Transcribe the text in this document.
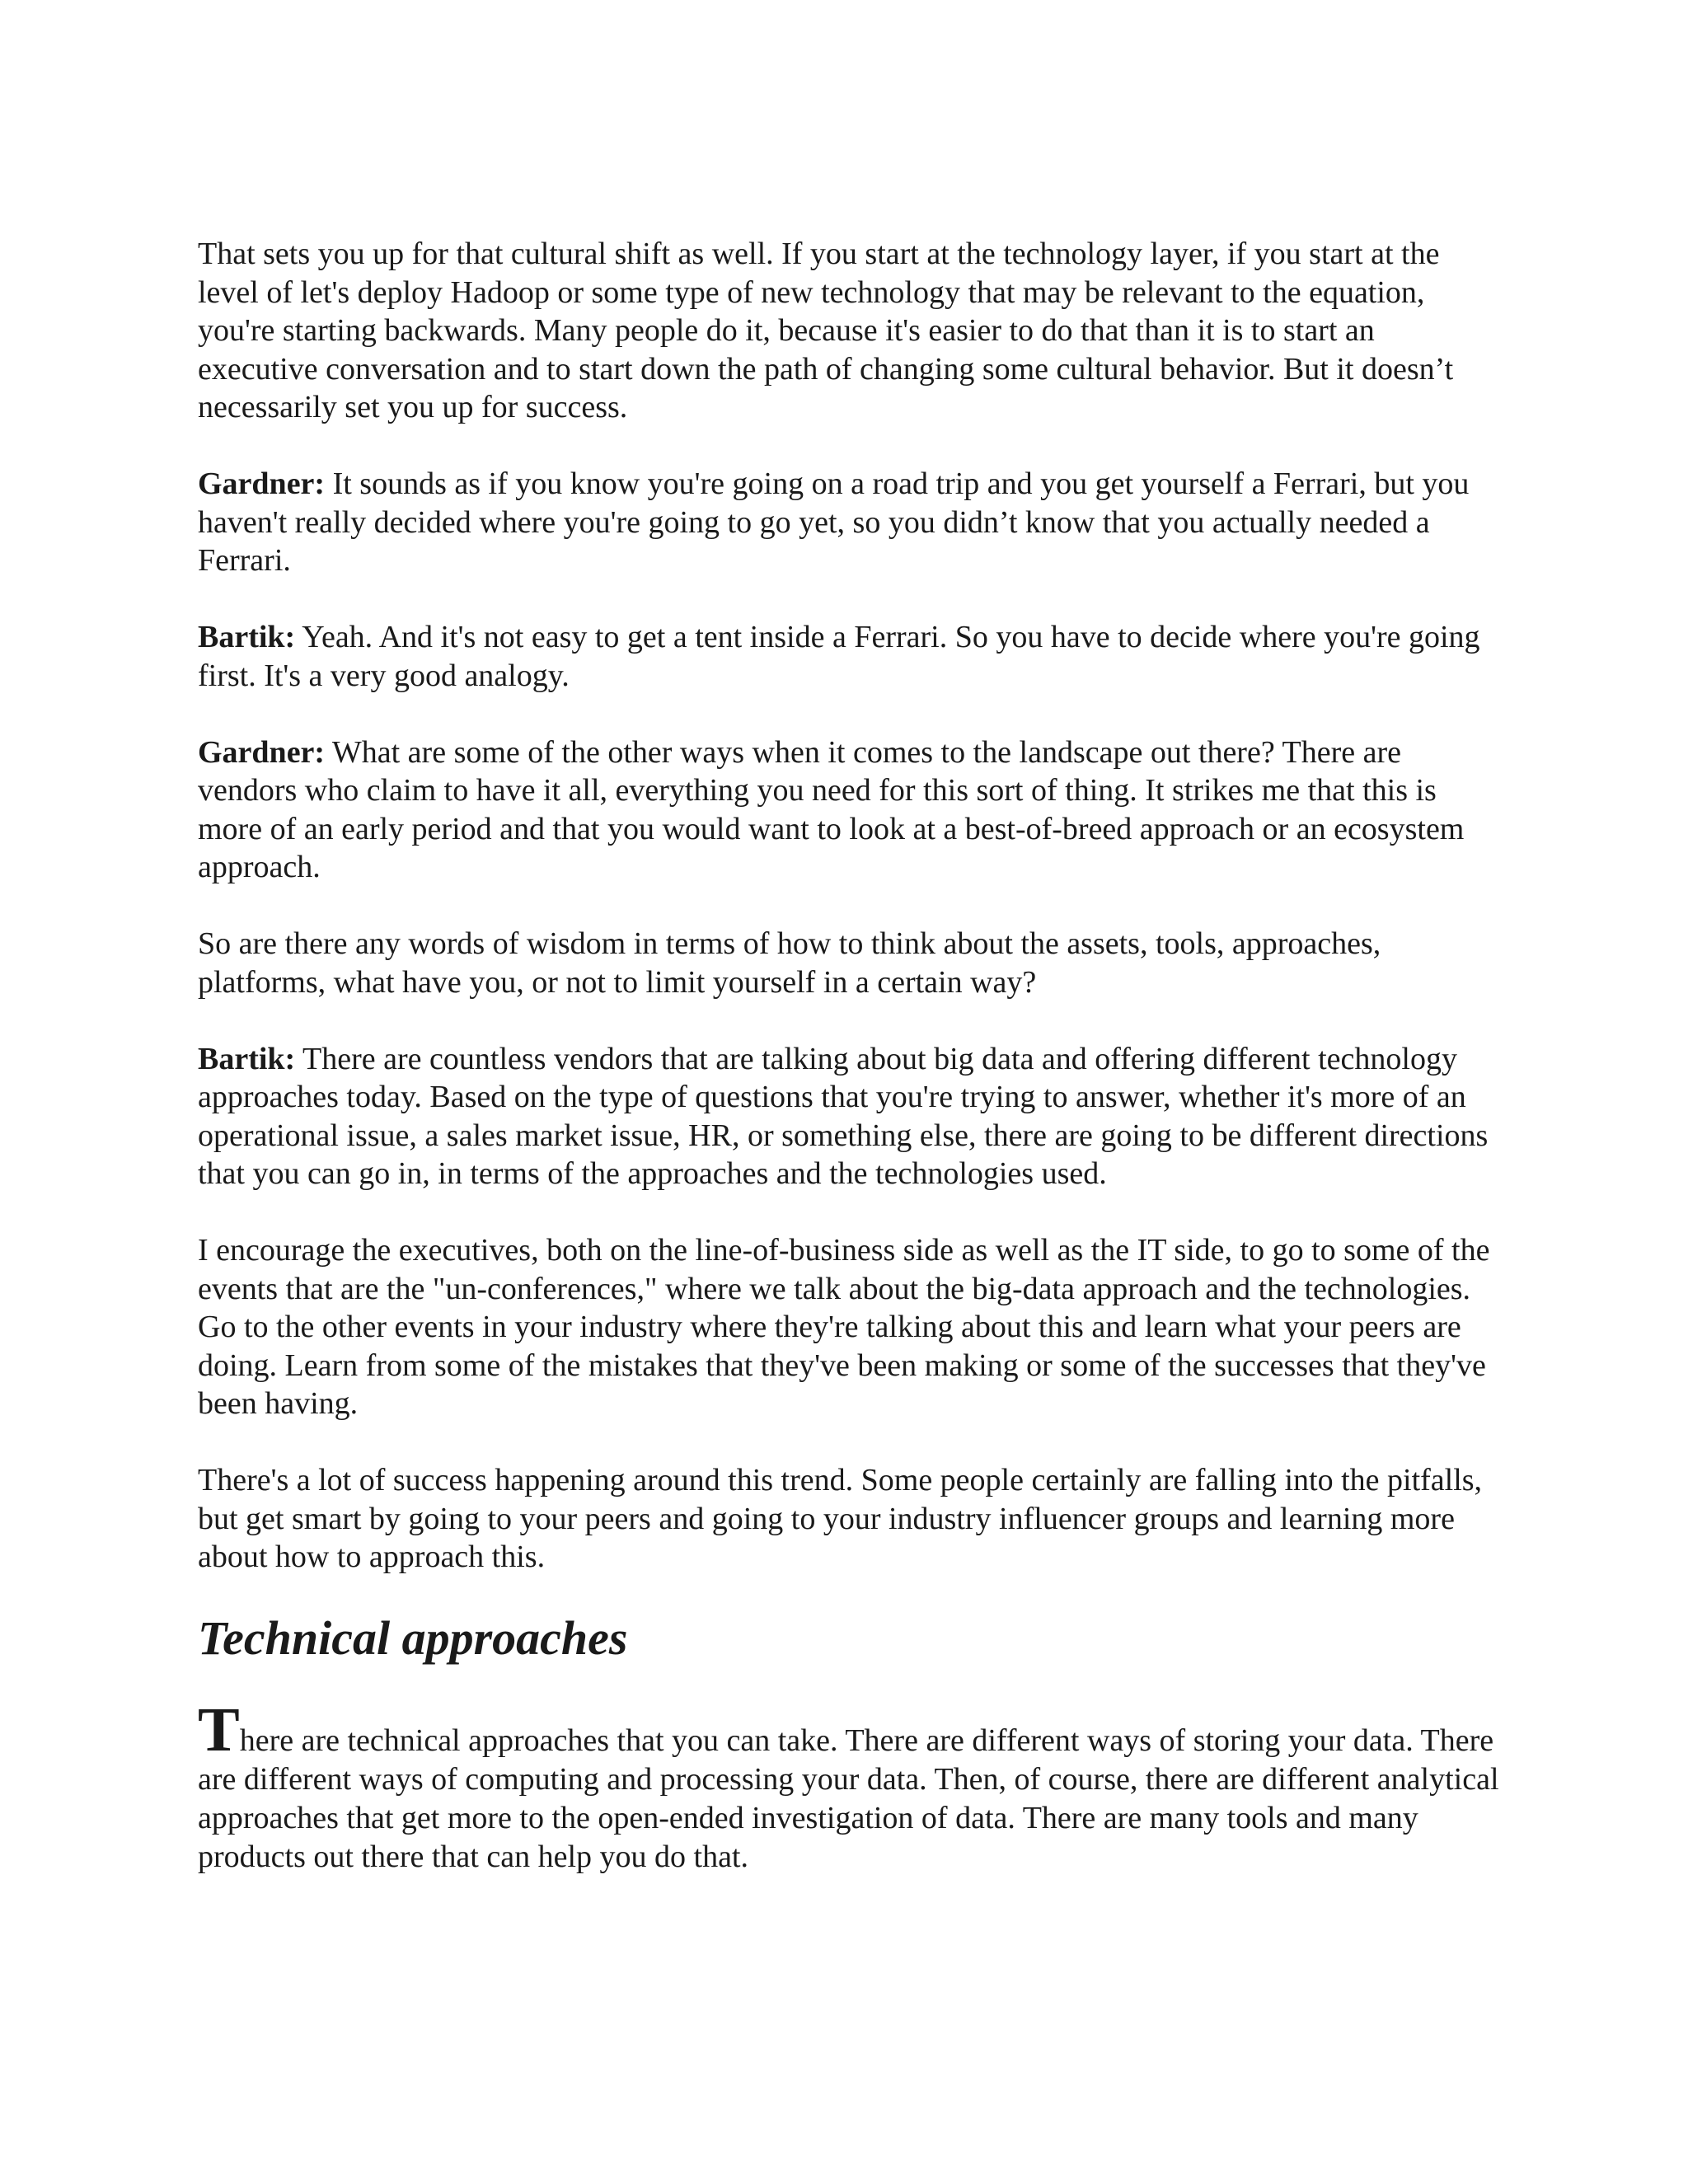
That sets you up for that cultural shift as well. If you start at the technology layer, if you start at the level of let's deploy Hadoop or some type of new technology that may be relevant to the equation, you're starting backwards. Many people do it, because it's easier to do that than it is to start an executive conversation and to start down the path of changing some cultural behavior. But it doesn’t necessarily set you up for success.

Gardner: It sounds as if you know you're going on a road trip and you get yourself a Ferrari, but you haven't really decided where you're going to go yet, so you didn’t know that you actually needed a Ferrari.

Bartik: Yeah. And it's not easy to get a tent inside a Ferrari. So you have to decide where you're going first. It's a very good analogy.

Gardner: What are some of the other ways when it comes to the landscape out there? There are vendors who claim to have it all, everything you need for this sort of thing. It strikes me that this is more of an early period and that you would want to look at a best-of-breed approach or an ecosystem approach.

So are there any words of wisdom in terms of how to think about the assets, tools, approaches, platforms, what have you, or not to limit yourself in a certain way?

Bartik: There are countless vendors that are talking about big data and offering different technology approaches today. Based on the type of questions that you're trying to answer, whether it's more of an operational issue, a sales market issue, HR, or something else, there are going to be different directions that you can go in, in terms of the approaches and the technologies used.

I encourage the executives, both on the line-of-business side as well as the IT side, to go to some of the events that are the "un-conferences," where we talk about the big-data approach and the technologies. Go to the other events in your industry where they're talking about this and learn what your peers are doing. Learn from some of the mistakes that they've been making or some of the successes that they've been having.

There's a lot of success happening around this trend. Some people certainly are falling into the pitfalls, but get smart by going to your peers and going to your industry influencer groups and learning more about how to approach this.

Technical approaches

There are technical approaches that you can take. There are different ways of storing your data. There are different ways of computing and processing your data. Then, of course, there are different analytical approaches that get more to the open-ended investigation of data. There are many tools and many products out there that can help you do that.
